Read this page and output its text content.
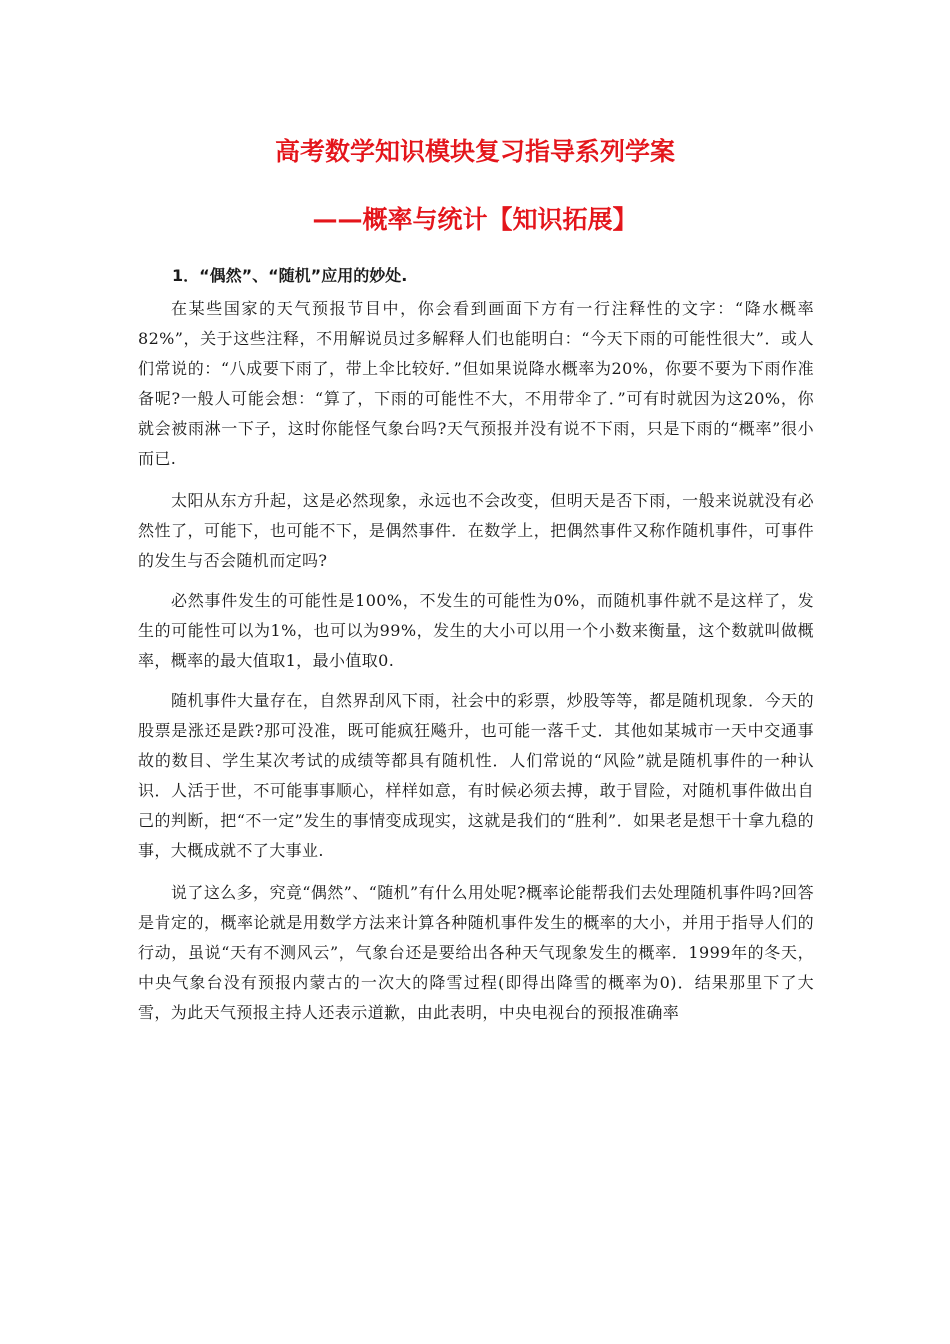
高考数学知识模块复习指导系列学案
——概率与统计【知识拓展】
1．“偶然”、“随机”应用的妙处.

在某些国家的天气预报节目中，你会看到画面下方有一行注释性的文字：“降水概率82%”，关于这些注释，不用解说员过多解释人们也能明白：“今天下雨的可能性很大”．或人们常说的：“八成要下雨了，带上伞比较好．”但如果说降水概率为20%，你要不要为下雨作准备呢?一般人可能会想：“算了，下雨的可能性不大，不用带伞了．”可有时就因为这20%，你就会被雨淋一下子，这时你能怪气象台吗?天气预报并没有说不下雨，只是下雨的“概率”很小而已.

太阳从东方升起，这是必然现象，永远也不会改变，但明天是否下雨，一般来说就没有必然性了，可能下，也可能不下，是偶然事件．在数学上，把偶然事件又称作随机事件，可事件的发生与否会随机而定吗?

必然事件发生的可能性是100%，不发生的可能性为0%，而随机事件就不是这样了，发生的可能性可以为1%，也可以为99%，发生的大小可以用一个小数来衡量，这个数就叫做概率，概率的最大值取1，最小值取0.

随机事件大量存在，自然界刮风下雨，社会中的彩票，炒股等等，都是随机现象．今天的股票是涨还是跌?那可没准，既可能疯狂飚升，也可能一落千丈．其他如某城市一天中交通事故的数目、学生某次考试的成绩等都具有随机性．人们常说的“风险”就是随机事件的一种认识．人活于世，不可能事事顺心，样样如意，有时候必须去搏，敢于冒险，对随机事件做出自己的判断，把“不一定”发生的事情变成现实，这就是我们的“胜利”．如果老是想干十拿九稳的事，大概成就不了大事业.

说了这么多，究竟“偶然”、“随机”有什么用处呢?概率论能帮我们去处理随机事件吗?回答是肯定的，概率论就是用数学方法来计算各种随机事件发生的概率的大小，并用于指导人们的行动，虽说“天有不测风云”，气象台还是要给出各种天气现象发生的概率．1999年的冬天，中央气象台没有预报内蒙古的一次大的降雪过程(即得出降雪的概率为0)．结果那里下了大雪，为此天气预报主持人还表示道歉，由此表明，中央电视台的预报准确率
